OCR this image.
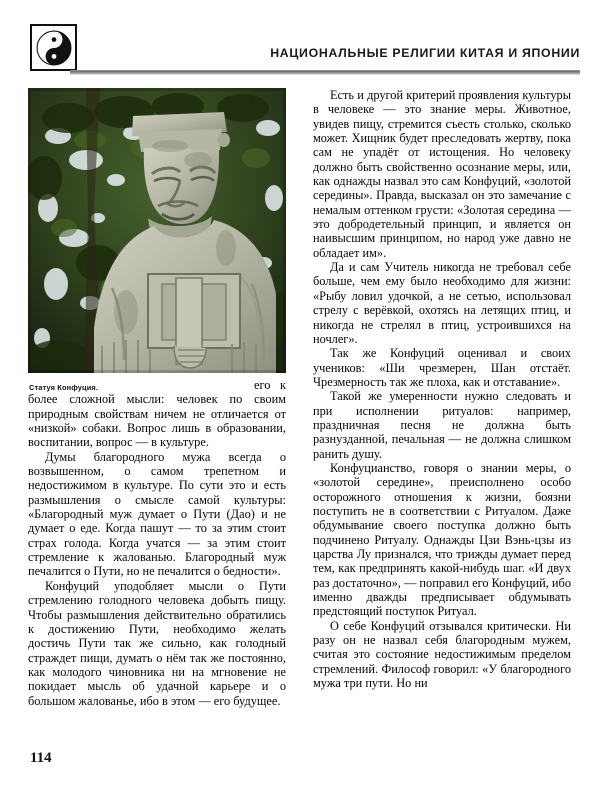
НАЦИОНАЛЬНЫЕ РЕЛИГИИ КИТАЯ И ЯПОНИИ
Статуя Конфуция.	его к более сложной мысли: человек по своим природным свойствам ничем не отличается от «низкой» собаки. Вопрос лишь в образовании, воспитании, вопрос — в культуре.

Думы благородного мужа всегда о возвышенном, о самом трепетном и недостижимом в культуре. По сути это и есть размышления о смысле самой культуры: «Благородный муж думает о Пути (Дао) и не думает о еде. Когда пашут — то за этим стоит страх голода. Когда учатся — за этим стоит стремление к жалованью. Благородный муж печалится о Пути, но не печалится о бедности».

Конфуций уподобляет мысли о Пути стремлению голодного человека добыть пищу. Чтобы размышления действительно обратились к достижению Пути, необходимо желать достичь Пути так же сильно, как голодный страждет пищи, думать о нём так же постоянно, как молодого чиновника ни на мгновение не покидает мысль об удачной карьере и о большом жалованье, ибо в этом — его будущее.

Есть и другой критерий проявления культуры в человеке — это знание меры. Животное, увидев пищу, стремится съесть столько, сколько может. Хищник будет преследовать жертву, пока сам не упадёт от истощения. Но человеку должно быть свойственно осознание меры, или, как однажды назвал это сам Конфуций, «золотой середины». Правда, высказал он это замечание с немалым оттенком грусти: «Золотая середина — это добродетельный принцип, и является он наивысшим принципом, но народ уже давно не обладает им».

Да и сам Учитель никогда не требовал себе больше, чем ему было необходимо для жизни: «Рыбу ловил удочкой, а не сетью, использовал стрелу с верёвкой, охотясь на летящих птиц, и никогда не стрелял в птиц, устроившихся на ночлег».

Так же Конфуций оценивал и своих учеников: «Ши чрезмерен, Шан отстаёт. Чрезмерность так же плоха, как и отставание».

Такой же умеренности нужно следовать и при исполнении ритуалов: например, праздничная песня не должна быть разнузданной, печальная — не должна слишком ранить душу.

Конфуцианство, говоря о знании меры, о «золотой середине», преисполнено особо осторожного отношения к жизни, боязни поступить не в соответствии с Ритуалом. Даже обдумывание своего поступка должно быть подчинено Ритуалу. Однажды Цзи Вэнь-цзы из царства Лу признался, что трижды думает перед тем, как предпринять какой-нибудь шаг. «И двух раз достаточно», — поправил его Конфуций, ибо именно дважды предписывает обдумывать предстоящий поступок Ритуал.

О себе Конфуций отзывался критически. Ни разу он не назвал себя благородным мужем, считая это состояние недостижимым пределом стремлений. Философ говорил: «У благородного мужа три пути. Но ни

114
